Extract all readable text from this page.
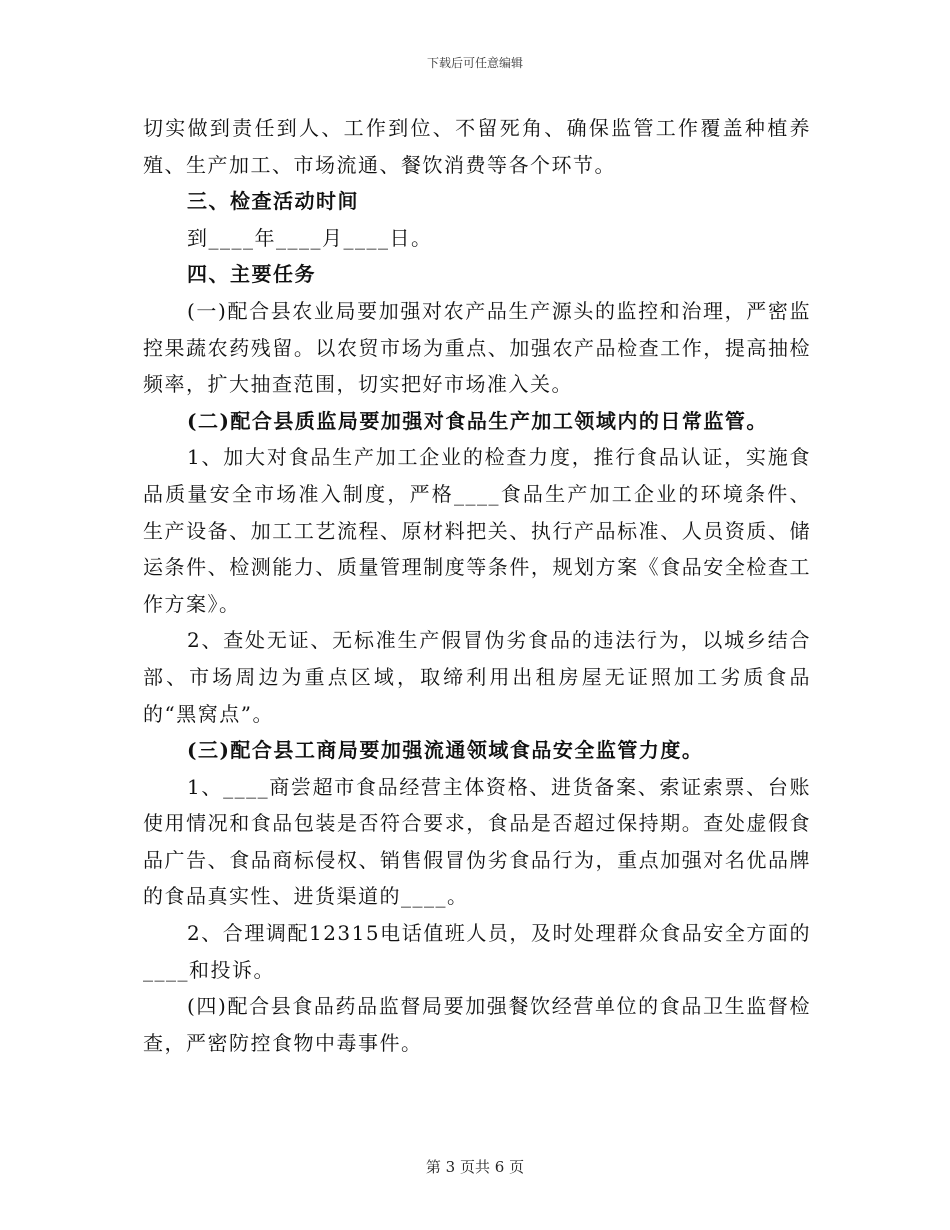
下载后可任意编辑

切实做到责任到人、工作到位、不留死角、确保监管工作覆盖种植养殖、生产加工、市场流通、餐饮消费等各个环节。

三、检查活动时间

到____年____月____日。

四、主要任务

(一)配合县农业局要加强对农产品生产源头的监控和治理，严密监控果蔬农药残留。以农贸市场为重点、加强农产品检查工作，提高抽检频率，扩大抽查范围，切实把好市场准入关。

(二)配合县质监局要加强对食品生产加工领域内的日常监管。

1、加大对食品生产加工企业的检查力度，推行食品认证，实施食品质量安全市场准入制度，严格____食品生产加工企业的环境条件、生产设备、加工工艺流程、原材料把关、执行产品标准、人员资质、储运条件、检测能力、质量管理制度等条件，规划方案《食品安全检查工作方案》。

2、查处无证、无标准生产假冒伪劣食品的违法行为，以城乡结合部、市场周边为重点区域，取缔利用出租房屋无证照加工劣质食品的“黑窝点”。

(三)配合县工商局要加强流通领域食品安全监管力度。

1、____商尝超市食品经营主体资格、进货备案、索证索票、台账使用情况和食品包装是否符合要求，食品是否超过保持期。查处虚假食品广告、食品商标侵权、销售假冒伪劣食品行为，重点加强对名优品牌的食品真实性、进货渠道的____。

2、合理调配12315电话值班人员，及时处理群众食品安全方面的____和投诉。

(四)配合县食品药品监督局要加强餐饮经营单位的食品卫生监督检查，严密防控食物中毒事件。

第 3 页共 6 页
